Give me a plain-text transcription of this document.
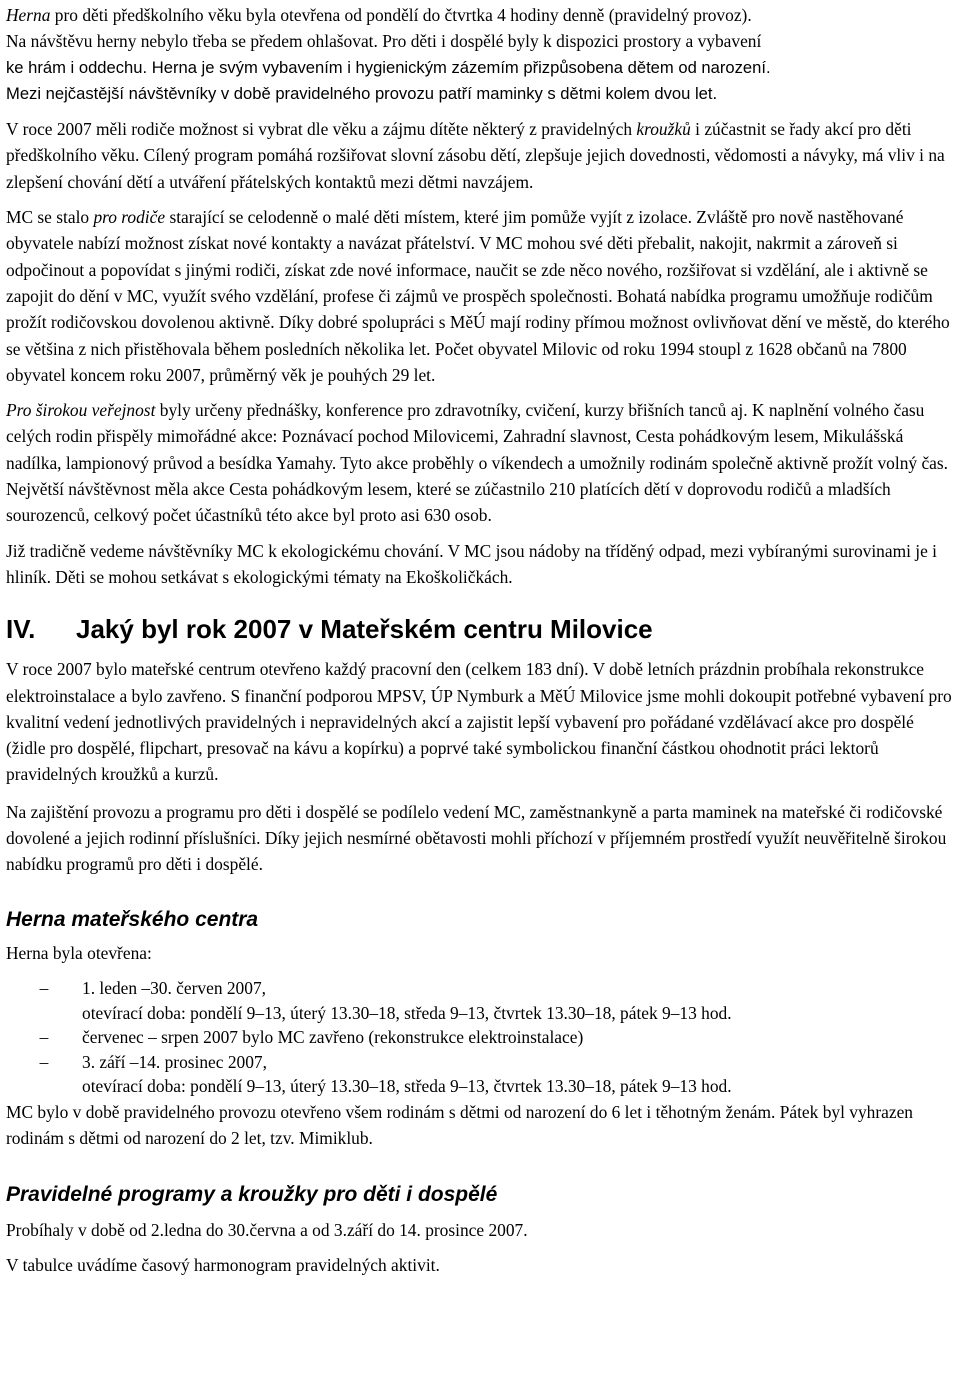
Herna pro děti předškolního věku byla otevřena od pondělí do čtvrtka 4 hodiny denně (pravidelný provoz).
Na návštěvu herny nebylo třeba se předem ohlašovat. Pro děti i dospělé byly k dispozici prostory a vybavení
ke hrám i oddechu. Herna je svým vybavením i hygienickým zázemím přizpůsobena dětem od narození.
Mezi nejčastější návštěvníky v době pravidelného provozu patří maminky s dětmi kolem dvou let.
V roce 2007 měli rodiče možnost si vybrat dle věku a zájmu dítěte některý z pravidelných kroužků i zúčastnit se řady akcí pro děti předškolního věku. Cílený program pomáhá rozšiřovat slovní zásobu dětí, zlepšuje jejich dovednosti, vědomosti a návyky, má vliv i na zlepšení chování dětí a utváření přátelských kontaktů mezi dětmi navzájem.
MC se stalo pro rodiče starající se celodenně o malé děti místem, které jim pomůže vyjít z izolace. Zvláště pro nově nastěhované obyvatele nabízí možnost získat nové kontakty a navázat přátelství. V MC mohou své děti přebalit, nakojit, nakrmit a zároveň si odpočinout a popovídat s jinými rodiči, získat zde nové informace, naučit se zde něco nového, rozšiřovat si vzdělání, ale i aktivně se zapojit do dění v MC, využít svého vzdělání, profese či zájmů ve prospěch společnosti. Bohatá nabídka programu umožňuje rodičům prožít rodičovskou dovolenou aktivně. Díky dobré spolupráci s MěÚ mají rodiny přímou možnost ovlivňovat dění ve městě, do kterého se většina z nich přistěhovala během posledních několika let. Počet obyvatel Milovic od roku 1994 stoupl z 1628 občanů na 7800 obyvatel koncem roku 2007, průměrný věk je pouhých 29 let.
Pro širokou veřejnost byly určeny přednášky, konference pro zdravotníky, cvičení, kurzy břišních tanců aj. K naplnění volného času celých rodin přispěly mimořádné akce: Poznávací pochod Milovicemi, Zahradní slavnost, Cesta pohádkovým lesem, Mikulášská nadílka, lampionový průvod a besídka Yamahy. Tyto akce proběhly o víkendech a umožnily rodinám společně aktivně prožít volný čas. Největší návštěvnost měla akce Cesta pohádkovým lesem, které se zúčastnilo 210 platících dětí v doprovodu rodičů a mladších sourozenců, celkový počet účastníků této akce byl proto asi 630 osob.
Již tradičně vedeme návštěvníky MC k ekologickému chování. V MC jsou nádoby na tříděný odpad, mezi vybíranými surovinami je i hliník. Děti se mohou setkávat s ekologickými tématy na Ekoškoličkách.
IV.	Jaký byl rok 2007 v Mateřském centru Milovice
V roce 2007 bylo mateřské centrum otevřeno každý pracovní den (celkem 183 dní). V době letních prázdnin probíhala rekonstrukce elektroinstalace a bylo zavřeno. S finanční podporou MPSV, ÚP Nymburk a MěÚ Milovice jsme mohli dokoupit potřebné vybavení pro kvalitní vedení jednotlivých pravidelných i nepravidelných akcí a zajistit lepší vybavení pro pořádané vzdělávací akce pro dospělé (židle pro dospělé, flipchart, presovač na kávu a kopírku) a poprvé také symbolickou finanční částkou ohodnotit práci lektorů pravidelných kroužků a kurzů.
Na zajištění provozu a programu pro děti i dospělé se podílelo vedení MC, zaměstnankyně a parta maminek na mateřské či rodičovské dovolené a jejich rodinní příslušníci. Díky jejich nesmírné obětavosti mohli příchozí v příjemném prostředí využít neuvěřitelně širokou nabídku programů pro děti i dospělé.
Herna mateřského centra
Herna byla otevřena:
–	1. leden –30. červen 2007,
otevírací doba: pondělí 9–13, úterý 13.30–18, středa 9–13, čtvrtek 13.30–18, pátek 9–13 hod.
–	červenec – srpen 2007 bylo MC zavřeno (rekonstrukce elektroinstalace)
–	3. září –14. prosinec 2007,
otevírací doba: pondělí 9–13, úterý 13.30–18, středa 9–13, čtvrtek 13.30–18, pátek 9–13 hod.
MC bylo v době pravidelného provozu otevřeno všem rodinám s dětmi od narození do 6 let i těhotným ženám. Pátek byl vyhrazen rodinám s dětmi od narození do 2 let, tzv. Mimiklub.
Pravidelné programy a kroužky pro děti i dospělé
Probíhaly v době od 2.ledna do 30.června a od 3.září do 14. prosince 2007.
V tabulce uvádíme časový harmonogram pravidelných aktivit.
